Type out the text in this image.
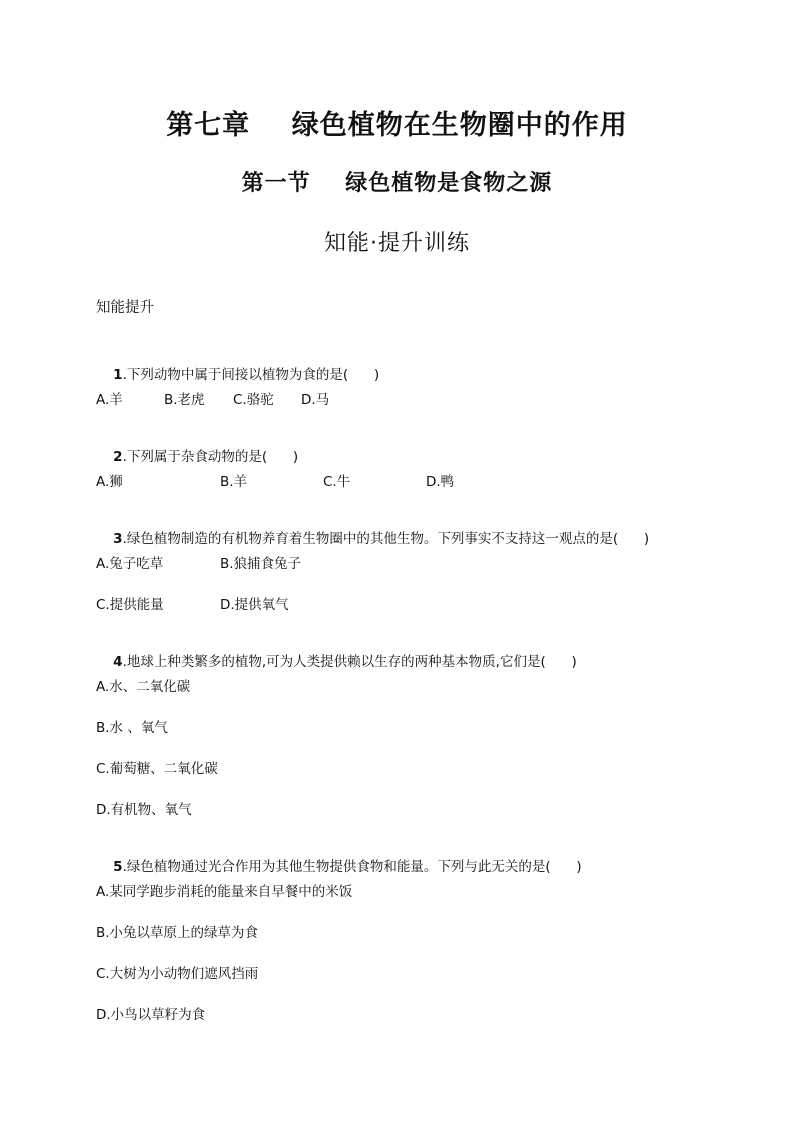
第七章    绿色植物在生物圈中的作用
第一节    绿色植物是食物之源
知能·提升训练
知能提升

1.下列动物中属于间接以植物为食的是(      )

A.羊	B.老虎	C.骆驼	D.马

2.下列属于杂食动物的是(      )

A.狮	B.羊	C.牛	D.鸭

3.绿色植物制造的有机物养育着生物圈中的其他生物。下列事实不支持这一观点的是(      )

A.兔子吃草	B.狼捕食兔子
C.提供能量	D.提供氧气

4.地球上种类繁多的植物,可为人类提供赖以生存的两种基本物质,它们是(      )

A.水、二氧化碳
B.水 、氧气
C.葡萄糖、二氧化碳
D.有机物、氧气

5.绿色植物通过光合作用为其他生物提供食物和能量。下列与此无关的是(      )

A.某同学跑步消耗的能量来自早餐中的米饭
B.小兔以草原上的绿草为食
C.大树为小动物们遮风挡雨
D.小鸟以草籽为食
